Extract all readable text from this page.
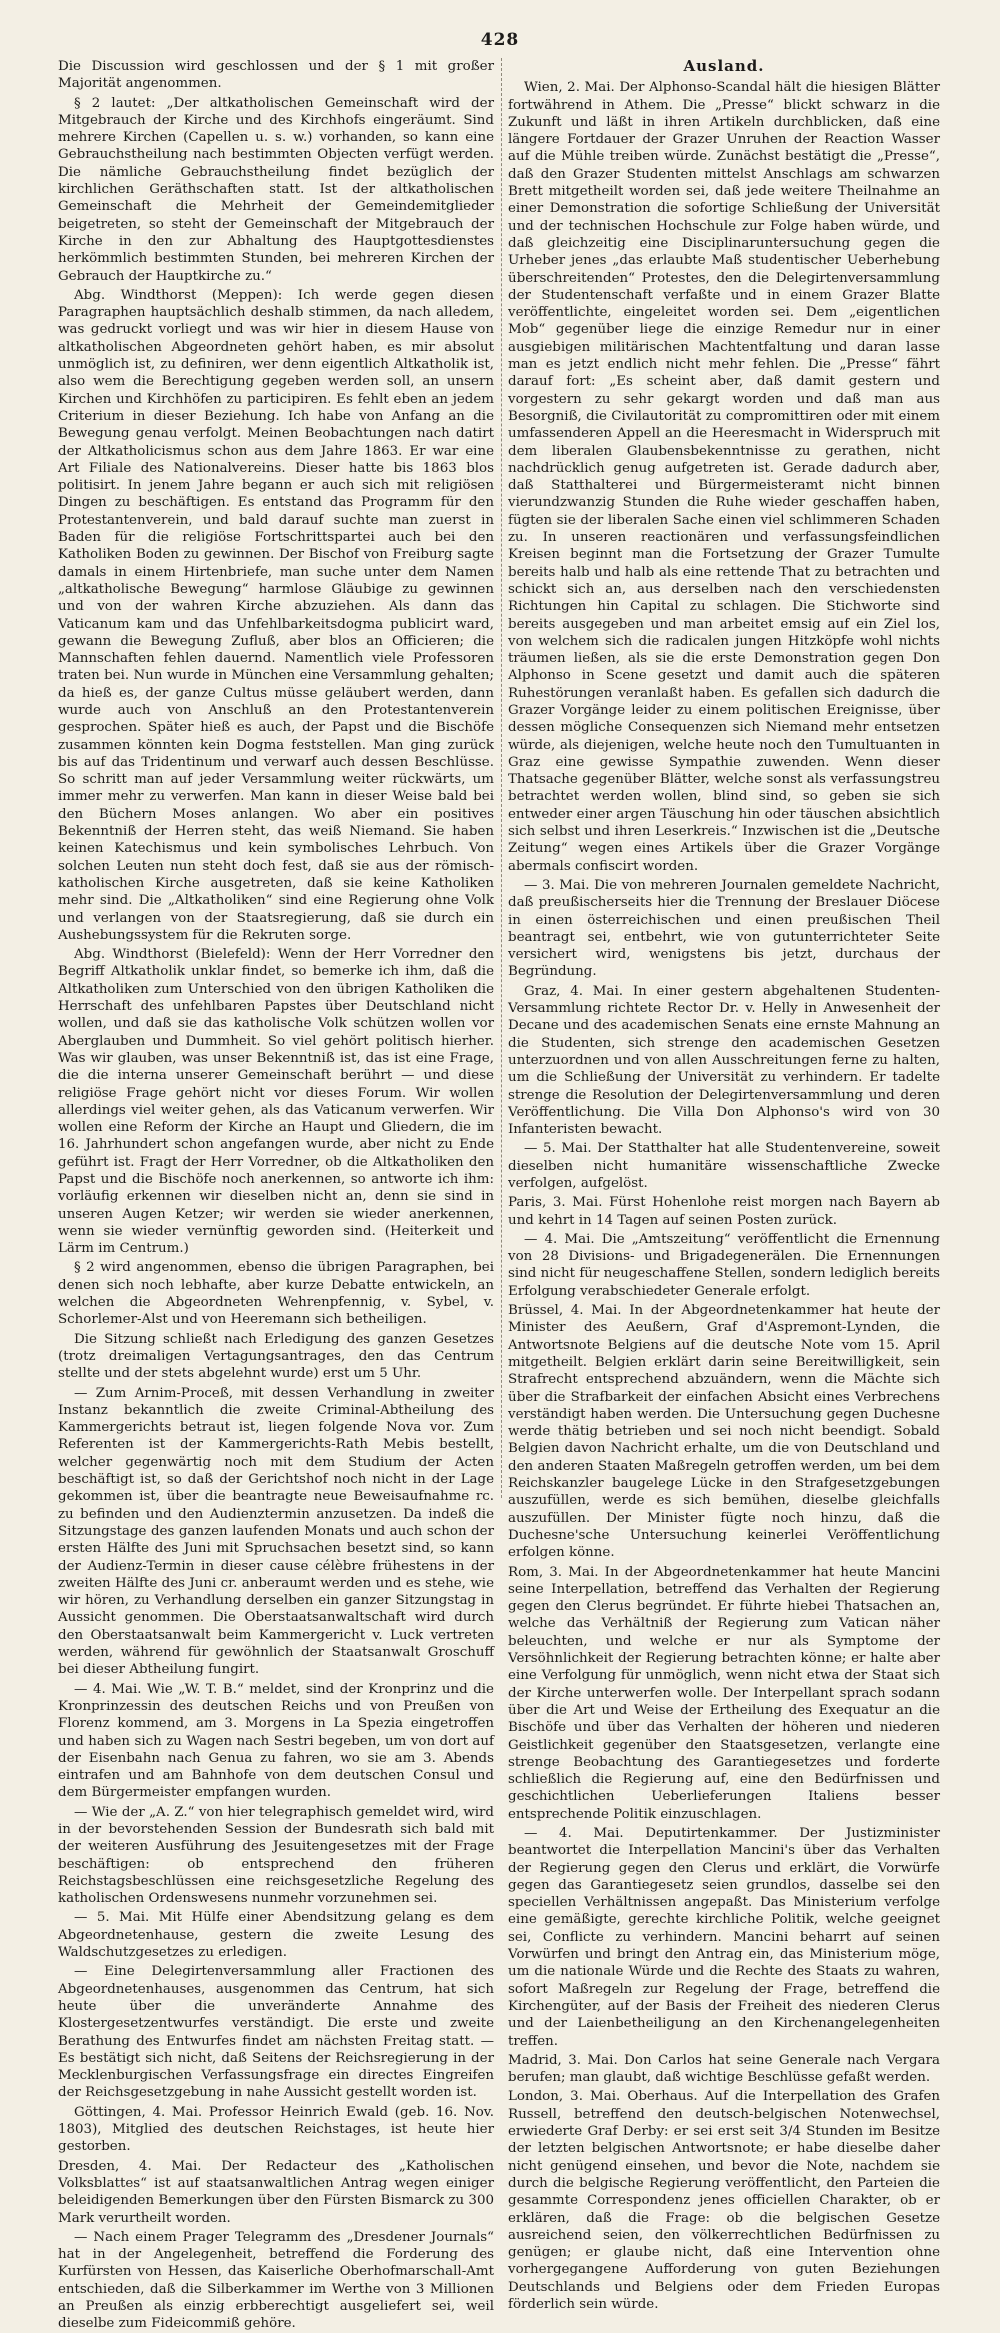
428

Die Discussion wird geschlossen und der § 1 mit großer Majorität angenommen.

§ 2 lautet: „Der altkatholischen Gemeinschaft wird der Mitgebrauch der Kirche und des Kirchhofs eingeräumt. Sind mehrere Kirchen (Capellen u. s. w.) vorhanden, so kann eine Gebrauchstheilung nach bestimmten Objecten verfügt werden. Die nämliche Gebrauchstheilung findet bezüglich der kirchlichen Geräthschaften statt. Ist der altkatholischen Gemeinschaft die Mehrheit der Gemeindemitglieder beigetreten, so steht der Gemeinschaft der Mitgebrauch der Kirche in den zur Abhaltung des Hauptgottesdienstes herkömmlich bestimmten Stunden, bei mehreren Kirchen der Gebrauch der Hauptkirche zu.“

Abg. Windthorst (Meppen): Ich werde gegen diesen Paragraphen hauptsächlich deshalb stimmen, da nach alledem, was gedruckt vorliegt und was wir hier in diesem Hause von altkatholischen Abgeordneten gehört haben, es mir absolut unmöglich ist, zu definiren, wer denn eigentlich Altkatholik ist, also wem die Berechtigung gegeben werden soll, an unsern Kirchen und Kirchhöfen zu participiren. Es fehlt eben an jedem Criterium in dieser Beziehung. Ich habe von Anfang an die Bewegung genau verfolgt. Meinen Beobachtungen nach datirt der Altkatholicismus schon aus dem Jahre 1863. Er war eine Art Filiale des Nationalvereins. Dieser hatte bis 1863 blos politisirt. In jenem Jahre begann er auch sich mit religiösen Dingen zu beschäftigen. Es entstand das Programm für den Protestantenverein, und bald darauf suchte man zuerst in Baden für die religiöse Fortschrittspartei auch bei den Katholiken Boden zu gewinnen. Der Bischof von Freiburg sagte damals in einem Hirtenbriefe, man suche unter dem Namen „altkatholische Bewegung“ harmlose Gläubige zu gewinnen und von der wahren Kirche abzuziehen. Als dann das Vaticanum kam und das Unfehlbarkeitsdogma publicirt ward, gewann die Bewegung Zufluß, aber blos an Officieren; die Mannschaften fehlen dauernd. Namentlich viele Professoren traten bei. Nun wurde in München eine Versammlung gehalten; da hieß es, der ganze Cultus müsse geläubert werden, dann wurde auch von Anschluß an den Protestantenverein gesprochen. Später hieß es auch, der Papst und die Bischöfe zusammen könnten kein Dogma feststellen. Man ging zurück bis auf das Tridentinum und verwarf auch dessen Beschlüsse. So schritt man auf jeder Versammlung weiter rückwärts, um immer mehr zu verwerfen. Man kann in dieser Weise bald bei den Büchern Moses anlangen. Wo aber ein positives Bekenntniß der Herren steht, das weiß Niemand. Sie haben keinen Katechismus und kein symbolisches Lehrbuch. Von solchen Leuten nun steht doch fest, daß sie aus der römisch-katholischen Kirche ausgetreten, daß sie keine Katholiken mehr sind. Die „Altkatholiken“ sind eine Regierung ohne Volk und verlangen von der Staatsregierung, daß sie durch ein Aushebungssystem für die Rekruten sorge.

Abg. Windthorst (Bielefeld): Wenn der Herr Vorredner den Begriff Altkatholik unklar findet, so bemerke ich ihm, daß die Altkatholiken zum Unterschied von den übrigen Katholiken die Herrschaft des unfehlbaren Papstes über Deutschland nicht wollen, und daß sie das katholische Volk schützen wollen vor Aberglauben und Dummheit. So viel gehört politisch hierher. Was wir glauben, was unser Bekenntniß ist, das ist eine Frage, die die interna unserer Gemeinschaft berührt — und diese religiöse Frage gehört nicht vor dieses Forum. Wir wollen allerdings viel weiter gehen, als das Vaticanum verwerfen. Wir wollen eine Reform der Kirche an Haupt und Gliedern, die im 16. Jahrhundert schon angefangen wurde, aber nicht zu Ende geführt ist. Fragt der Herr Vorredner, ob die Altkatholiken den Papst und die Bischöfe noch anerkennen, so antworte ich ihm: vorläufig erkennen wir dieselben nicht an, denn sie sind in unseren Augen Ketzer; wir werden sie wieder anerkennen, wenn sie wieder vernünftig geworden sind. (Heiterkeit und Lärm im Centrum.)

§ 2 wird angenommen, ebenso die übrigen Paragraphen, bei denen sich noch lebhafte, aber kurze Debatte entwickeln, an welchen die Abgeordneten Wehrenpfennig, v. Sybel, v. Schorlemer-Alst und von Heeremann sich betheiligen.

Die Sitzung schließt nach Erledigung des ganzen Gesetzes (trotz dreimaligen Vertagungsantrages, den das Centrum stellte und der stets abgelehnt wurde) erst um 5 Uhr.

— Zum Arnim-Proceß, mit dessen Verhandlung in zweiter Instanz bekanntlich die zweite Criminal-Abtheilung des Kammergerichts betraut ist, liegen folgende Nova vor. Zum Referenten ist der Kammergerichts-Rath Mebis bestellt, welcher gegenwärtig noch mit dem Studium der Acten beschäftigt ist, so daß der Gerichtshof noch nicht in der Lage gekommen ist, über die beantragte neue Beweisaufnahme rc. zu befinden und den Audienztermin anzusetzen. Da indeß die Sitzungstage des ganzen laufenden Monats und auch schon der ersten Hälfte des Juni mit Spruchsachen besetzt sind, so kann der Audienz-Termin in dieser cause célèbre frühestens in der zweiten Hälfte des Juni cr. anberaumt werden und es stehe, wie wir hören, zu Verhandlung derselben ein ganzer Sitzungstag in Aussicht genommen. Die Oberstaatsanwaltschaft wird durch den Oberstaatsanwalt beim Kammergericht v. Luck vertreten werden, während für gewöhnlich der Staatsanwalt Groschuff bei dieser Abtheilung fungirt.

— 4. Mai. Wie „W. T. B.“ meldet, sind der Kronprinz und die Kronprinzessin des deutschen Reichs und von Preußen von Florenz kommend, am 3. Morgens in La Spezia eingetroffen und haben sich zu Wagen nach Sestri begeben, um von dort auf der Eisenbahn nach Genua zu fahren, wo sie am 3. Abends eintrafen und am Bahnhofe von dem deutschen Consul und dem Bürgermeister empfangen wurden.

— Wie der „A. Z.“ von hier telegraphisch gemeldet wird, wird in der bevorstehenden Session der Bundesrath sich bald mit der weiteren Ausführung des Jesuitengesetzes mit der Frage beschäftigen: ob entsprechend den früheren Reichstagsbeschlüssen eine reichsgesetzliche Regelung des katholischen Ordenswesens nunmehr vorzunehmen sei.

— 5. Mai. Mit Hülfe einer Abendsitzung gelang es dem Abgeordnetenhause, gestern die zweite Lesung des Waldschutzgesetzes zu erledigen.

— Eine Delegirtenversammlung aller Fractionen des Abgeordnetenhauses, ausgenommen das Centrum, hat sich heute über die unveränderte Annahme des Klostergesetzentwurfes verständigt. Die erste und zweite Berathung des Entwurfes findet am nächsten Freitag statt. — Es bestätigt sich nicht, daß Seitens der Reichsregierung in der Mecklenburgischen Verfassungsfrage ein directes Eingreifen der Reichsgesetzgebung in nahe Aussicht gestellt worden ist.

Göttingen, 4. Mai. Professor Heinrich Ewald (geb. 16. Nov. 1803), Mitglied des deutschen Reichstages, ist heute hier gestorben.

Dresden, 4. Mai. Der Redacteur des „Katholischen Volksblattes“ ist auf staatsanwaltlichen Antrag wegen einiger beleidigenden Bemerkungen über den Fürsten Bismarck zu 300 Mark verurtheilt worden.

— Nach einem Prager Telegramm des „Dresdener Journals“ hat in der Angelegenheit, betreffend die Forderung des Kurfürsten von Hessen, das Kaiserliche Oberhofmarschall-Amt entschieden, daß die Silberkammer im Werthe von 3 Millionen an Preußen als einzig erbberechtigt ausgeliefert sei, weil dieselbe zum Fideicommiß gehöre.

Ausland.

Wien, 2. Mai. Der Alphonso-Scandal hält die hiesigen Blätter fortwährend in Athem. Die „Presse“ blickt schwarz in die Zukunft und läßt in ihren Artikeln durchblicken, daß eine längere Fortdauer der Grazer Unruhen der Reaction Wasser auf die Mühle treiben würde. Zunächst bestätigt die „Presse“, daß den Grazer Studenten mittelst Anschlags am schwarzen Brett mitgetheilt worden sei, daß jede weitere Theilnahme an einer Demonstration die sofortige Schließung der Universität und der technischen Hochschule zur Folge haben würde, und daß gleichzeitig eine Disciplinaruntersuchung gegen die Urheber jenes „das erlaubte Maß studentischer Ueberhebung überschreitenden“ Protestes, den die Delegirtenversammlung der Studentenschaft verfaßte und in einem Grazer Blatte veröffentlichte, eingeleitet worden sei. Dem „eigentlichen Mob“ gegenüber liege die einzige Remedur nur in einer ausgiebigen militärischen Machtentfaltung und daran lasse man es jetzt endlich nicht mehr fehlen. Die „Presse“ fährt darauf fort: „Es scheint aber, daß damit gestern und vorgestern zu sehr gekargt worden und daß man aus Besorgniß, die Civilautorität zu compromittiren oder mit einem umfassenderen Appell an die Heeresmacht in Widerspruch mit dem liberalen Glaubensbekenntnisse zu gerathen, nicht nachdrücklich genug aufgetreten ist. Gerade dadurch aber, daß Statthalterei und Bürgermeisteramt nicht binnen vierundzwanzig Stunden die Ruhe wieder geschaffen haben, fügten sie der liberalen Sache einen viel schlimmeren Schaden zu. In unseren reactionären und verfassungsfeindlichen Kreisen beginnt man die Fortsetzung der Grazer Tumulte bereits halb und halb als eine rettende That zu betrachten und schickt sich an, aus derselben nach den verschiedensten Richtungen hin Capital zu schlagen. Die Stichworte sind bereits ausgegeben und man arbeitet emsig auf ein Ziel los, von welchem sich die radicalen jungen Hitzköpfe wohl nichts träumen ließen, als sie die erste Demonstration gegen Don Alphonso in Scene gesetzt und damit auch die späteren Ruhestörungen veranlaßt haben. Es gefallen sich dadurch die Grazer Vorgänge leider zu einem politischen Ereignisse, über dessen mögliche Consequenzen sich Niemand mehr entsetzen würde, als diejenigen, welche heute noch den Tumultuanten in Graz eine gewisse Sympathie zuwenden. Wenn dieser Thatsache gegenüber Blätter, welche sonst als verfassungstreu betrachtet werden wollen, blind sind, so geben sie sich entweder einer argen Täuschung hin oder täuschen absichtlich sich selbst und ihren Leserkreis.“ Inzwischen ist die „Deutsche Zeitung“ wegen eines Artikels über die Grazer Vorgänge abermals confiscirt worden.

— 3. Mai. Die von mehreren Journalen gemeldete Nachricht, daß preußischerseits hier die Trennung der Breslauer Diöcese in einen österreichischen und einen preußischen Theil beantragt sei, entbehrt, wie von gutunterrichteter Seite versichert wird, wenigstens bis jetzt, durchaus der Begründung.

Graz, 4. Mai. In einer gestern abgehaltenen Studenten-Versammlung richtete Rector Dr. v. Helly in Anwesenheit der Decane und des academischen Senats eine ernste Mahnung an die Studenten, sich strenge den academischen Gesetzen unterzuordnen und von allen Ausschreitungen ferne zu halten, um die Schließung der Universität zu verhindern. Er tadelte strenge die Resolution der Delegirtenversammlung und deren Veröffentlichung. Die Villa Don Alphonso's wird von 30 Infanteristen bewacht.

— 5. Mai. Der Statthalter hat alle Studentenvereine, soweit dieselben nicht humanitäre wissenschaftliche Zwecke verfolgen, aufgelöst.

Paris, 3. Mai. Fürst Hohenlohe reist morgen nach Bayern ab und kehrt in 14 Tagen auf seinen Posten zurück.

— 4. Mai. Die „Amtszeitung“ veröffentlicht die Ernennung von 28 Divisions- und Brigadegenerälen. Die Ernennungen sind nicht für neugeschaffene Stellen, sondern lediglich bereits Erfolgung verabschiedeter Generale erfolgt.

Brüssel, 4. Mai. In der Abgeordnetenkammer hat heute der Minister des Aeußern, Graf d'Aspremont-Lynden, die Antwortsnote Belgiens auf die deutsche Note vom 15. April mitgetheilt. Belgien erklärt darin seine Bereitwilligkeit, sein Strafrecht entsprechend abzuändern, wenn die Mächte sich über die Strafbarkeit der einfachen Absicht eines Verbrechens verständigt haben werden. Die Untersuchung gegen Duchesne werde thätig betrieben und sei noch nicht beendigt. Sobald Belgien davon Nachricht erhalte, um die von Deutschland und den anderen Staaten Maßregeln getroffen werden, um bei dem Reichskanzler baugelege Lücke in den Strafgesetzgebungen auszufüllen, werde es sich bemühen, dieselbe gleichfalls auszufüllen. Der Minister fügte noch hinzu, daß die Duchesne'sche Untersuchung keinerlei Veröffentlichung erfolgen könne.

Rom, 3. Mai. In der Abgeordnetenkammer hat heute Mancini seine Interpellation, betreffend das Verhalten der Regierung gegen den Clerus begründet. Er führte hiebei Thatsachen an, welche das Verhältniß der Regierung zum Vatican näher beleuchten, und welche er nur als Symptome der Versöhnlichkeit der Regierung betrachten könne; er halte aber eine Verfolgung für unmöglich, wenn nicht etwa der Staat sich der Kirche unterwerfen wolle. Der Interpellant sprach sodann über die Art und Weise der Ertheilung des Exequatur an die Bischöfe und über das Verhalten der höheren und niederen Geistlichkeit gegenüber den Staatsgesetzen, verlangte eine strenge Beobachtung des Garantiegesetzes und forderte schließlich die Regierung auf, eine den Bedürfnissen und geschichtlichen Ueberlieferungen Italiens besser entsprechende Politik einzuschlagen.

— 4. Mai. Deputirtenkammer. Der Justizminister beantwortet die Interpellation Mancini's über das Verhalten der Regierung gegen den Clerus und erklärt, die Vorwürfe gegen das Garantiegesetz seien grundlos, dasselbe sei den speciellen Verhältnissen angepaßt. Das Ministerium verfolge eine gemäßigte, gerechte kirchliche Politik, welche geeignet sei, Conflicte zu verhindern. Mancini beharrt auf seinen Vorwürfen und bringt den Antrag ein, das Ministerium möge, um die nationale Würde und die Rechte des Staats zu wahren, sofort Maßregeln zur Regelung der Frage, betreffend die Kirchengüter, auf der Basis der Freiheit des niederen Clerus und der Laienbetheiligung an den Kirchenangelegenheiten treffen.

Madrid, 3. Mai. Don Carlos hat seine Generale nach Vergara berufen; man glaubt, daß wichtige Beschlüsse gefaßt werden.

London, 3. Mai. Oberhaus. Auf die Interpellation des Grafen Russell, betreffend den deutsch-belgischen Notenwechsel, erwiederte Graf Derby: er sei erst seit 3/4 Stunden im Besitze der letzten belgischen Antwortsnote; er habe dieselbe daher nicht genügend einsehen, und bevor die Note, nachdem sie durch die belgische Regierung veröffentlicht, den Parteien die gesammte Correspondenz jenes officiellen Charakter, ob er erklären, daß die Frage: ob die belgischen Gesetze ausreichend seien, den völkerrechtlichen Bedürfnissen zu genügen; er glaube nicht, daß eine Intervention ohne vorhergegangene Aufforderung von guten Beziehungen Deutschlands und Belgiens oder dem Frieden Europas förderlich sein würde.
